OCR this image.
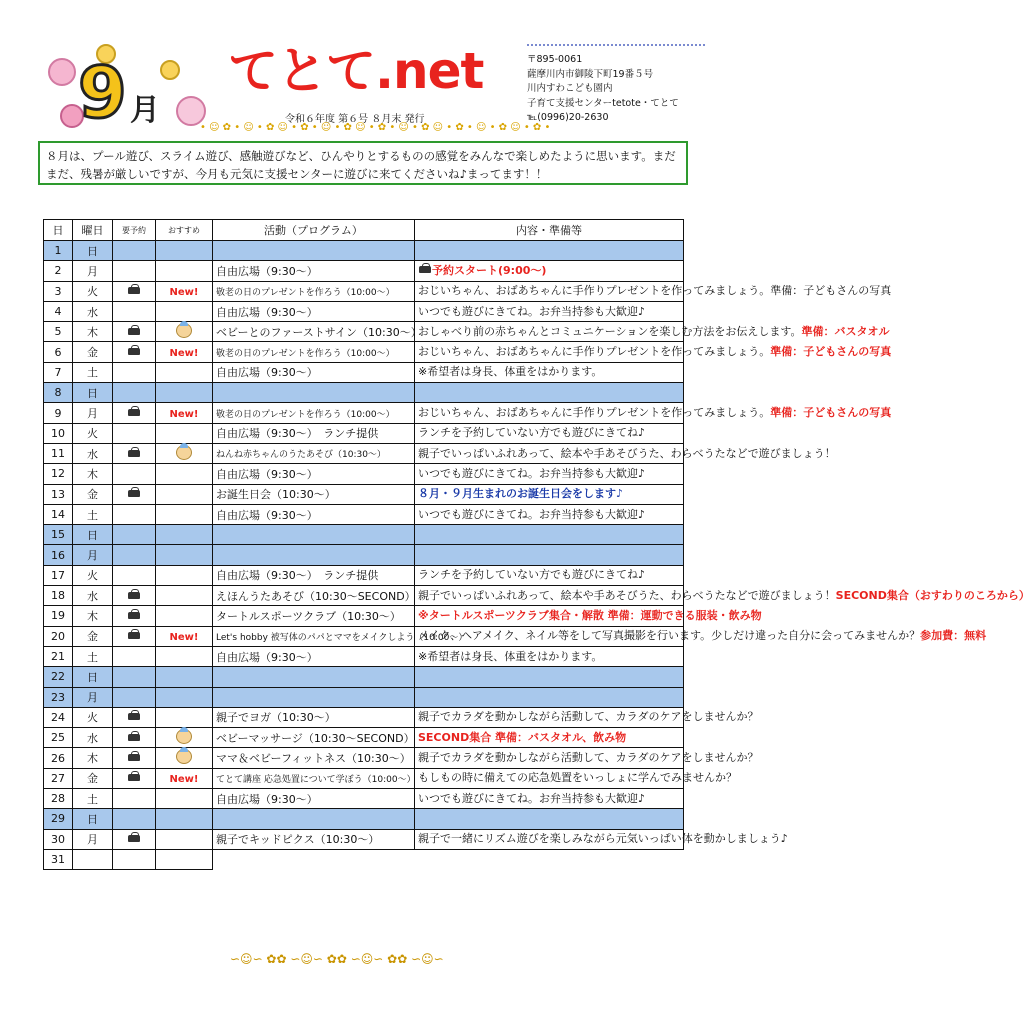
9 月
てとて.net
令和６年度 第６号 ８月末 発行
〒895-0061
薩摩川内市御陵下町19番５号
川内すわこども園内
子育て支援センターtetote・てとて
℡(0996)20-2630
• ☺ ✿ • ☺ • ✿ ☺ • ✿ • ☺ • ✿ ☺ • ✿ • ☺ • ✿ ☺ • ✿ • ☺ • ✿ ☺ • ✿ •
８月は、プール遊び、スライム遊び、感触遊びなど、ひんやりとするものの感覚をみんなで楽しめたように思います。まだまだ、残暑が厳しいですが、今月も元気に支援センターに遊びに来てくださいね♪まってます！！
日	曜日	要予約	おすすめ	活動（プログラム）	内容・準備等
1	日				
2	月			自由広場（9:30～）	予約スタート(9:00～)
3	火		New!	敬老の日のプレゼントを作ろう（10:00～）	おじいちゃん、おばあちゃんに手作りプレゼントを作ってみましょう。準備：子どもさんの写真
4	水			自由広場（9:30～）	いつでも遊びにきてね。お弁当持参も大歓迎♪
5	木			ベビーとのファーストサイン（10:30～）	おしゃべり前の赤ちゃんとコミュニケーションを楽しむ方法をお伝えします。準備：バスタオル
6	金		New!	敬老の日のプレゼントを作ろう（10:00～）	おじいちゃん、おばあちゃんに手作りプレゼントを作ってみましょう。準備：子どもさんの写真
7	土			自由広場（9:30～）	※希望者は身長、体重をはかります。
8	日				
9	月		New!	敬老の日のプレゼントを作ろう（10:00～）	おじいちゃん、おばあちゃんに手作りプレゼントを作ってみましょう。準備：子どもさんの写真
10	火			自由広場（9:30～）　ランチ提供	ランチを予約していない方でも遊びにきてね♪
11	水			ねんね赤ちゃんのうたあそび（10:30～）	親子でいっぱいふれあって、絵本や手あそびうた、わらべうたなどで遊びましょう！
12	木			自由広場（9:30～）	いつでも遊びにきてね。お弁当持参も大歓迎♪
13	金			お誕生日会（10:30～）	８月・９月生まれのお誕生日会をします♪
14	土			自由広場（9:30～）	いつでも遊びにきてね。お弁当持参も大歓迎♪
15	日				
16	月				
17	火			自由広場（9:30～）　ランチ提供	ランチを予約していない方でも遊びにきてね♪
18	水			えほんうたあそび（10:30～SECOND）	親子でいっぱいふれあって、絵本や手あそびうた、わらべうたなどで遊びましょう！SECOND集合（おすわりのころから）
19	木			タートルスポーツクラブ（10:30～）	※タートルスポーツクラブ集合・解散 準備：運動できる服装・飲み物
20	金		New!	Let's hobby 被写体のパパとママをメイクしよう（10:00～）	メイク、ヘアメイク、ネイル等をして写真撮影を行います。少しだけ違った自分に会ってみませんか？参加費：無料
21	土			自由広場（9:30～）	※希望者は身長、体重をはかります。
22	日				
23	月				
24	火			親子でヨガ（10:30～）	親子でカラダを動かしながら活動して、カラダのケアをしませんか？
25	水			ベビーマッサージ（10:30～SECOND）	SECOND集合 準備：バスタオル、飲み物
26	木			ママ＆ベビーフィットネス（10:30～）	親子でカラダを動かしながら活動して、カラダのケアをしませんか？
27	金		New!	てとて講座 応急処置について学ぼう（10:00～）	もしもの時に備えての応急処置をいっしょに学んでみませんか？
28	土			自由広場（9:30～）	いつでも遊びにきてね。お弁当持参も大歓迎♪
29	日				
30	月			親子でキッドピクス（10:30～）	親子で一緒にリズム遊びを楽しみながら元気いっぱい体を動かしましょう♪
31					
∽☺∽ ✿✿ ∽☺∽ ✿✿ ∽☺∽ ✿✿ ∽☺∽
